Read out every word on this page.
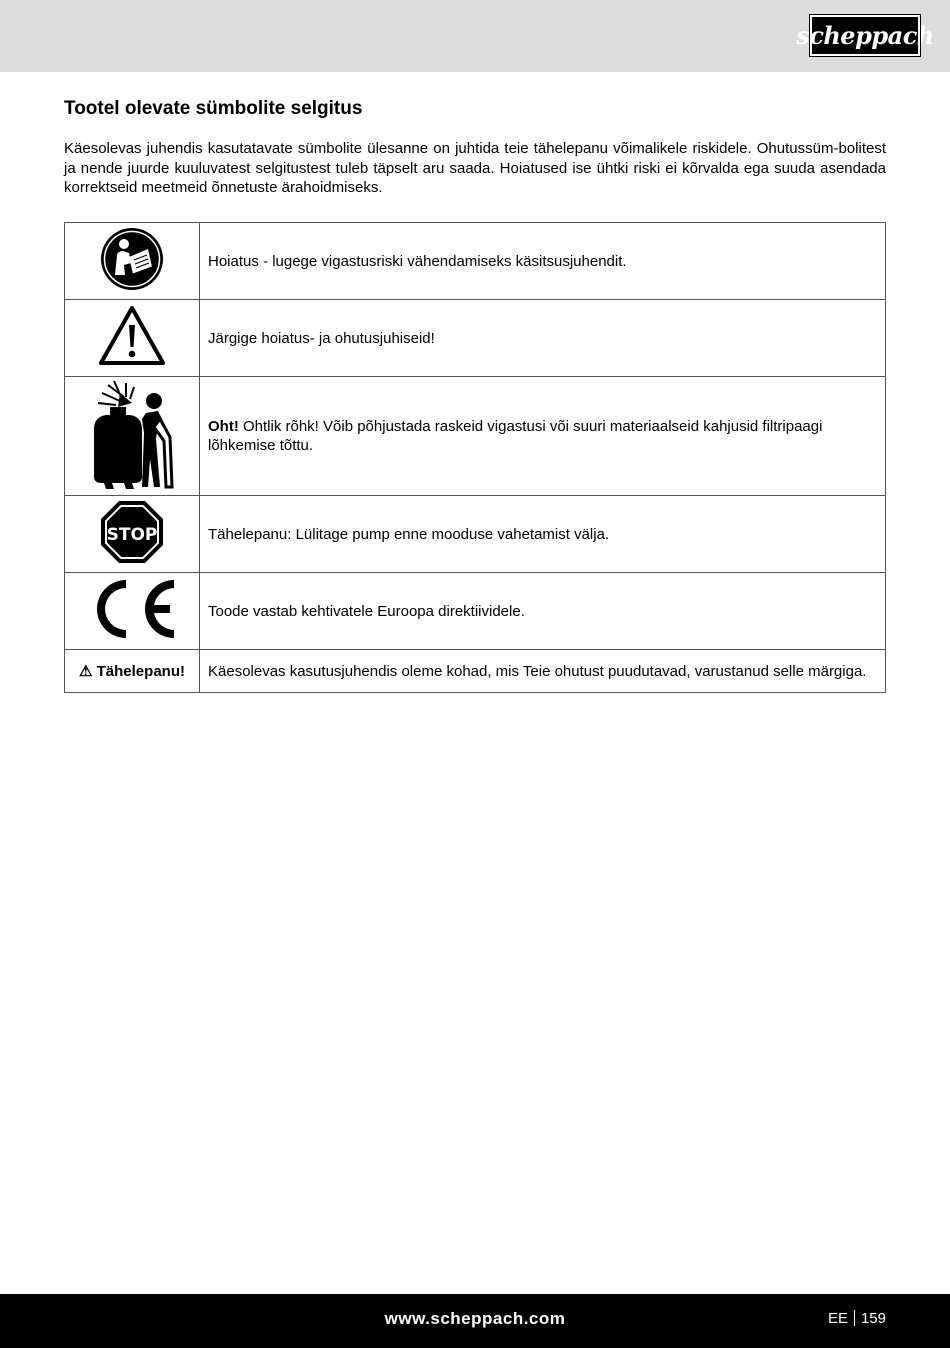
scheppach
Tootel olevate sümbolite selgitus

Käesolevas juhendis kasutatavate sümbolite ülesanne on juhtida teie tähelepanu võimalikele riskidele. Ohutussüm-bolitest ja nende juurde kuuluvatest selgitustest tuleb täpselt aru saada. Hoiatused ise ühtki riski ei kõrvalda ega suuda asendada korrektseid meetmeid õnnetuste ärahoidmiseks.

	Hoiatus - lugege vigastusriski vähendamiseks käsitsusjuhendit.
	Järgige hoiatus- ja ohutusjuhiseid!
	Oht! Ohtlik rõhk! Võib põhjustada raskeid vigastusi või suuri materiaalseid kahjusid filtripaagi lõhkemise tõttu.

STOP	Tähelepanu: Lülitage pump enne mooduse vahetamist välja.
	Toode vastab kehtivatele Euroopa direktiividele.
⚠ Tähelepanu!	Käesolevas kasutusjuhendis oleme kohad, mis Teie ohutust puudutavad, varustanud selle märgiga.
www.scheppach.com	EE 159
